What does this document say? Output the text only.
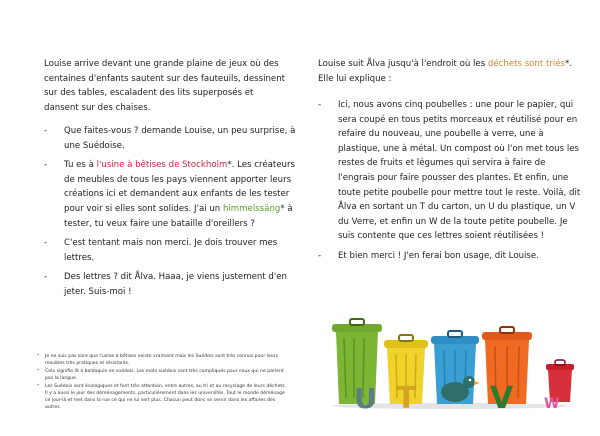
Louise arrive devant une grande plaine de jeux où des centaines d'enfants sautent sur des fauteuils, dessinent sur des tables, escaladent des lits superposés et dansent sur des chaises.

- Que faites-vous ? demande Louise, un peu surprise, à une Suédoise.
- Tu es à l'usine à bêtises de Stockholm*. Les créateurs de meubles de tous les pays viennent apporter leurs créations ici et demandent aux enfants de les tester pour voir si elles sont solides. J'ai un himmelssäng* à tester, tu veux faire une bataille d'oreillers ?
- C'est tentant mais non merci. Je dois trouver mes lettres.
- Des lettres ? dit Ålva. Haaa, je viens justement d'en jeter. Suis-moi !
* Je ne suis pas sûre que l'usine à bêtises existe vraiment mais les Suédois sont très connus pour leurs meubles très pratiques et résistants.
* Cela signifie lit à baldaquin en suédois. Les mots suédois sont très compliqués pour ceux qui ne parlent pas la langue.
* Les Suédois sont écologiques et font très attention, entre autres, au tri et au recyclage de leurs déchets. Il y a aussi le jour des déménagements, particulièrement dans les universités. Tout le monde déménage ce jour-là et met dans la rue ce qui ne lui sert plus. Chacun peut donc se servir dans les affaires des autres.

Louise suit Ålva jusqu'à l'endroit où les déchets sont triés*. Elle lui explique :

- Ici, nous avons cinq poubelles : une pour le papier, qui sera coupé en tous petits morceaux et réutilisé pour en refaire du nouveau, une poubelle à verre, une à plastique, une à métal. Un compost où l'on met tous les restes de fruits et légumes qui servira à faire de l'engrais pour faire pousser des plantes. Et enfin, une toute petite poubelle pour mettre tout le reste. Voilà, dit Ålva en sortant un T du carton, un U du plastique, un V du Verre, et enfin un W de la toute petite poubelle. Je suis contente que ces lettres soient réutilisées !
- Et bien merci ! J'en ferai bon usage, dit Louise.
U T V W
